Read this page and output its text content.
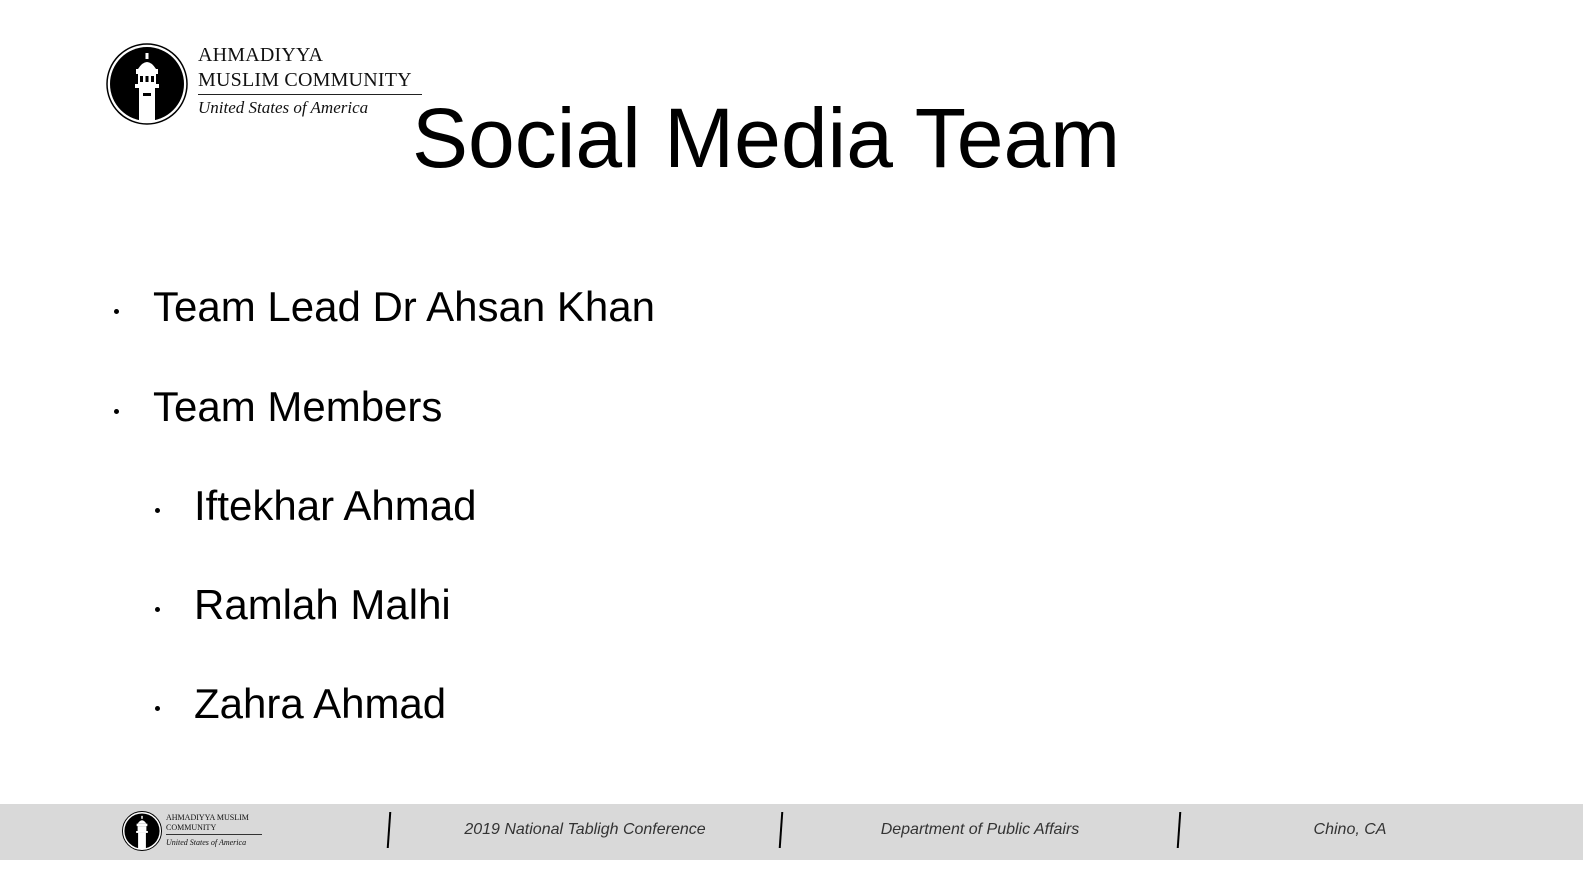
AHMADIYYA
MUSLIM COMMUNITY
United States of America Social Media Team
Team Lead Dr Ahsan Khan
Team Members
Iftekhar Ahmad
Ramlah Malhi
Zahra Ahmad
AHMADIYYA MUSLIM
COMMUNITY
United States of America
2019 National Tabligh Conference	Department of Public Affairs	Chino, CA
